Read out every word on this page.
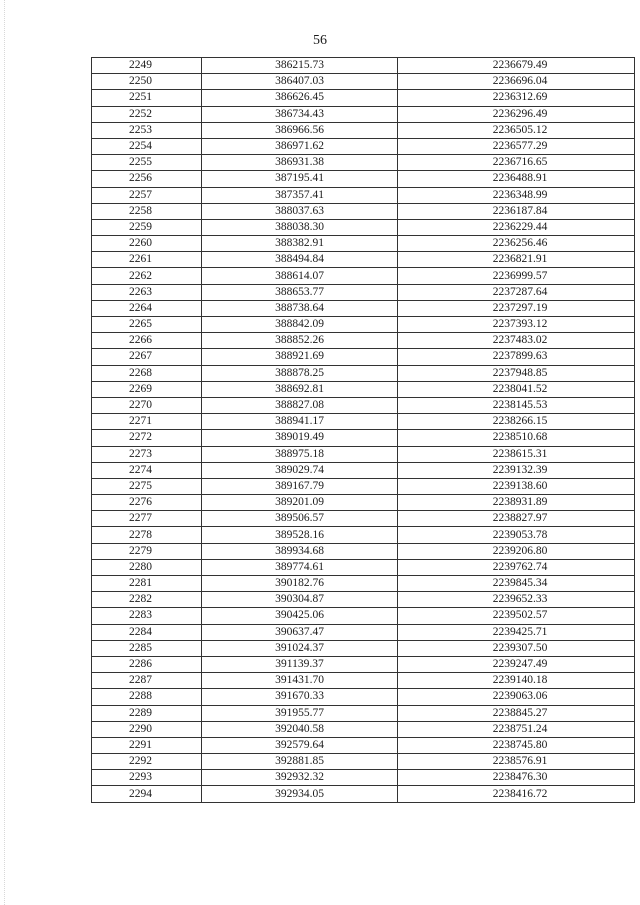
56
2249	386215.73	2236679.49
2250	386407.03	2236696.04
2251	386626.45	2236312.69
2252	386734.43	2236296.49
2253	386966.56	2236505.12
2254	386971.62	2236577.29
2255	386931.38	2236716.65
2256	387195.41	2236488.91
2257	387357.41	2236348.99
2258	388037.63	2236187.84
2259	388038.30	2236229.44
2260	388382.91	2236256.46
2261	388494.84	2236821.91
2262	388614.07	2236999.57
2263	388653.77	2237287.64
2264	388738.64	2237297.19
2265	388842.09	2237393.12
2266	388852.26	2237483.02
2267	388921.69	2237899.63
2268	388878.25	2237948.85
2269	388692.81	2238041.52
2270	388827.08	2238145.53
2271	388941.17	2238266.15
2272	389019.49	2238510.68
2273	388975.18	2238615.31
2274	389029.74	2239132.39
2275	389167.79	2239138.60
2276	389201.09	2238931.89
2277	389506.57	2238827.97
2278	389528.16	2239053.78
2279	389934.68	2239206.80
2280	389774.61	2239762.74
2281	390182.76	2239845.34
2282	390304.87	2239652.33
2283	390425.06	2239502.57
2284	390637.47	2239425.71
2285	391024.37	2239307.50
2286	391139.37	2239247.49
2287	391431.70	2239140.18
2288	391670.33	2239063.06
2289	391955.77	2238845.27
2290	392040.58	2238751.24
2291	392579.64	2238745.80
2292	392881.85	2238576.91
2293	392932.32	2238476.30
2294	392934.05	2238416.72
